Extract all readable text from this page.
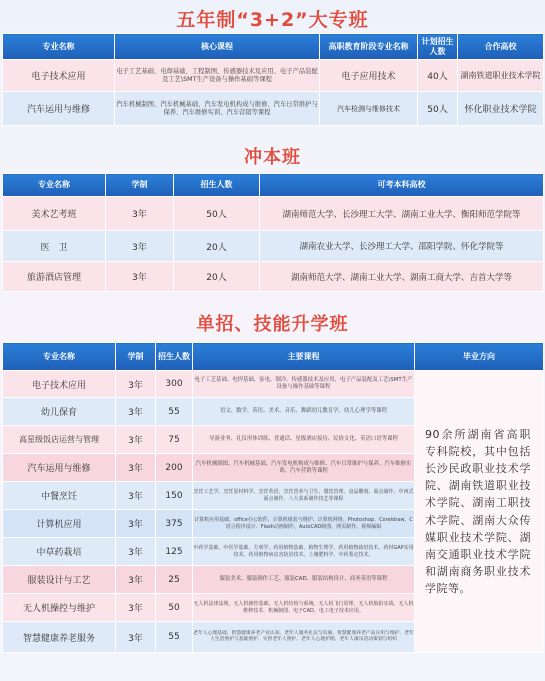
五年制“3+2”大专班
专业名称	核心课程	高职教育阶段专业名称	计划招生人数	合作高校
电子技术应用	电子工艺基础、电焊基础、工程制图、传感器技术及应用、电子产品装配及工艺\SMT生产设备与操作基础等课程	电子应用技术	40人	湖南铁道职业技术学院
汽车运用与维修	汽车机械制图、汽车机械基础、汽车发电机构成与维修、汽车日常维护与保养、汽车维修实训、汽车营销等课程	汽车检测与维修技术	50人	怀化职业技术学院
冲本班
专业名称	学制	招生人数	可考本科高校
美术艺考班	3年	50人	湖南师范大学、长沙理工大学、湖南工业大学、衡阳师范学院等
医　卫	3年	20人	湖南农业大学、长沙理工大学、邵阳学院、怀化学院等
旅游酒店管理	3年	20人	湖南师范大学、湖南工业大学、湖南工商大学、吉首大学等
单招、技能升学班
专业名称	学制	招生人数	主要课程	毕业方向
电子技术应用	3年	300	电子工艺基础、电焊基础、家电、制冷、传感器技术及应用、电子产品装配及工艺\SMT生产设备与操作基础等课程	90余所湖南省高职专科院校，其中包括长沙民政职业技术学院、湖南铁道职业技术学院、湖南工职技术学院、湖南大众传媒职业技术学院、湖南交通职业技术学院和湖南商务职业技术学院等。
幼儿保育	3年	55	语文、数学、英语、美术、音乐、舞蹈幼儿教育学、幼儿心理学等课程	
高星级饭店运营与管理	3年	75	导游业务、礼仪形体训练、普通话、星级酒店接待、民俗文化、英语口语等课程	
汽车运用与维修	3年	200	汽车机械制图、汽车机械基础、汽车发电机构成与维修、汽车日常维护与保养、汽车维修实训、汽车营销等课程	
中餐烹饪	3年	150	烹饪工艺学、烹饪原材料学、烹饪英语、烹饪营养与卫生、餐饮管理、食品雕刻、面点制作、中西式面点制作、八大菜系制作技艺等课程	
计算机应用	3年	375	计算机应用基础、office办公软件、计算机组装与维护、计算机网络、Photoshop、Coreldraw、C语言程序设计、Flash动画制作、AutoCAD制图、网页制作、视频编辑	
中草药栽培	3年	125	中药学基础、中医学基础、方剂学、药用植物基础、植物生理学、药用植物栽培技术、药材GAP实用技术、药用植物病虫害防治技术、土壤肥料学、中药鉴定技术。	
服装设计与工艺	3年	25	服装美术、服装制作工艺、服装CAD、服装结构设计、商务英语等课程	
无人机操控与维护	3年	50	无人机法律法规、无人机操控基础、无人机结构与系统、无人机飞行原理、无人机航拍实战、无人机维修技术、机械制图、电子CAD、电工电子技术应用。	
智慧健康养老服务	3年	55	老年人心理基础、智慧健康养老产业认知、老年人服务礼仪与沟通、智慧健康养老产品应用与维护、老年人生活照护与基础照护、失智老年人照护、老年人心理护理、老年人康乐活动策划与组织	
